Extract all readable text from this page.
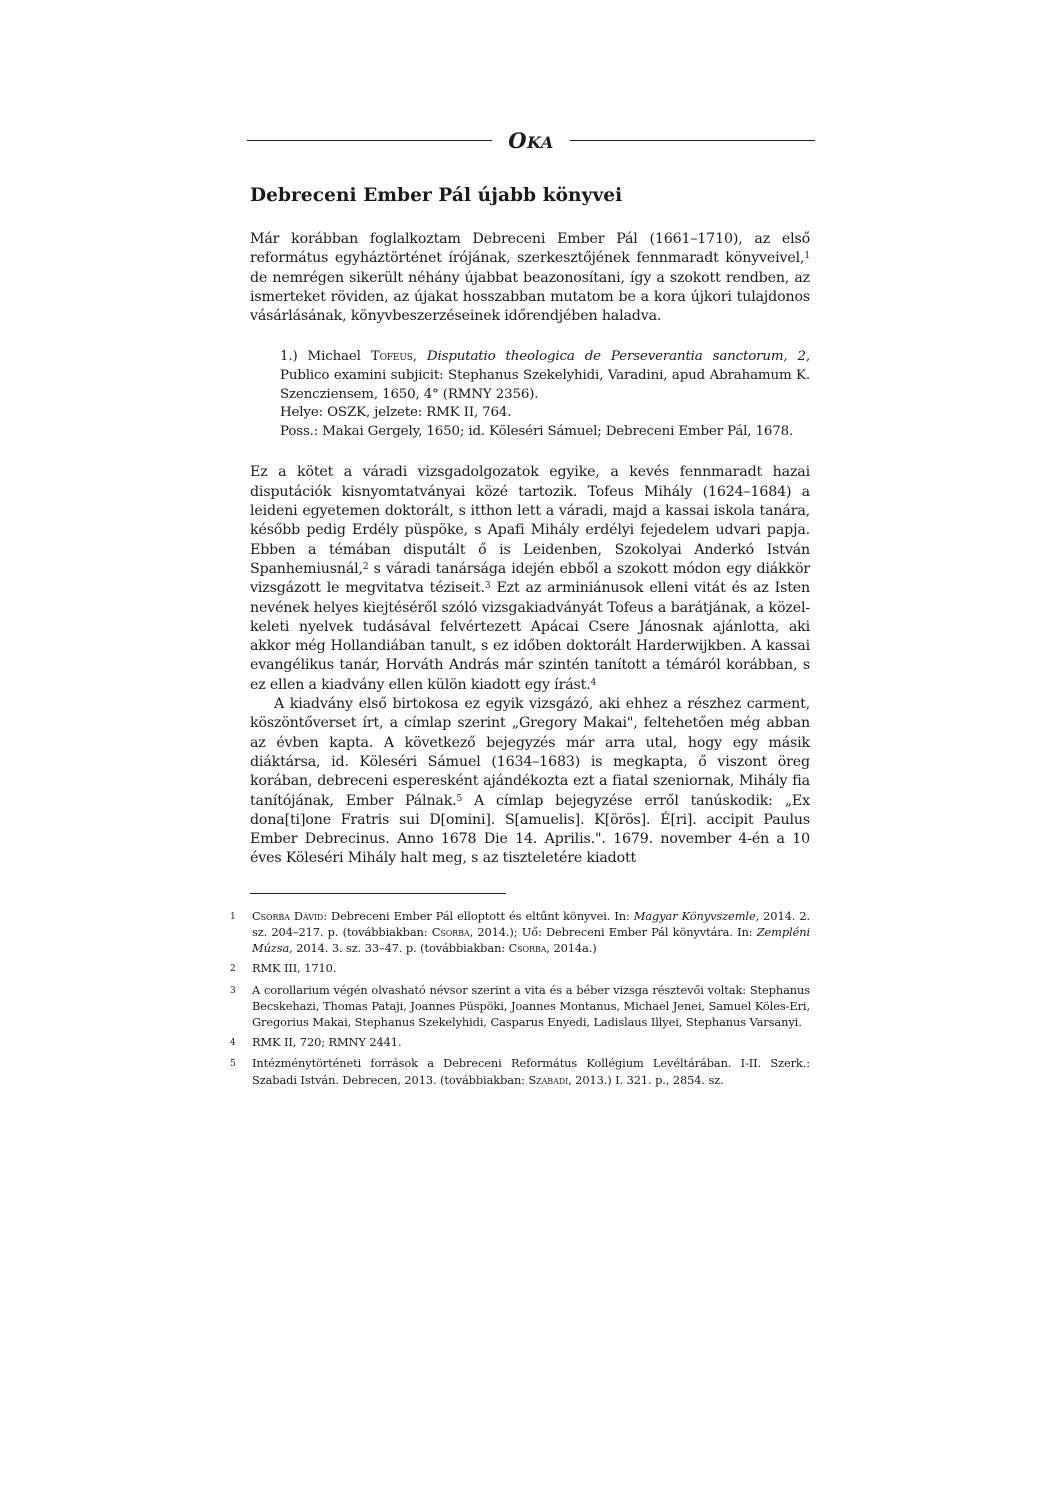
OKA
Debreceni Ember Pál újabb könyvei

Már korábban foglalkoztam Debreceni Ember Pál (1661–1710), az első református egyháztörténet írójának, szerkesztőjének fennmaradt könyveivel,$^1$ de nemrégen sikerült néhány újabbat beazonosítani, így a szokott rendben, az ismerteket röviden, az újakat hosszabban mutatom be a kora újkori tulajdonos vásárlásának, könyvbeszerzéseinek időrendjében haladva.

1.) Michael Tofeus, Disputatio theologica de Perseverantia sanctorum, 2, Publico examini subjicit: Stephanus Szekelyhidi, Varadini, apud Abrahamum K. Szencziensem, 1650, 4° (RMNY 2356).
Helye: OSZK, jelzete: RMK II, 764.
Poss.: Makai Gergely, 1650; id. Köleséri Sámuel; Debreceni Ember Pál, 1678.

Ez a kötet a váradi vizsgadolgozatok egyike, a kevés fennmaradt hazai disputációk kisnyomtatványai közé tartozik. Tofeus Mihály (1624–1684) a leideni egyetemen doktorált, s itthon lett a váradi, majd a kassai iskola tanára, később pedig Erdély püspöke, s Apafi Mihály erdélyi fejedelem udvari papja. Ebben a témában disputált ő is Leidenben, Szokolyai Anderkó István Spanhemiusnál,$^2$ s váradi tanársága idején ebből a szokott módon egy diákkör vizsgázott le megvitatva téziseit.$^3$ Ezt az arminiánusok elleni vitát és az Isten nevének helyes kiejtéséről szóló vizsgakiadványát Tofeus a barátjának, a közel-keleti nyelvek tudásával felvértezett Apácai Csere Jánosnak ajánlotta, aki akkor még Hollandiában tanult, s ez időben doktorált Harderwijkben. A kassai evangélikus tanár, Horváth András már szintén tanított a témáról korábban, s ez ellen a kiadvány ellen külön kiadott egy írást.$^4$

A kiadvány első birtokosa ez egyik vizsgázó, aki ehhez a részhez carment, köszöntőverset írt, a címlap szerint „Gregory Makai", feltehetően még abban az évben kapta. A következő bejegyzés már arra utal, hogy egy másik diáktársa, id. Köleséri Sámuel (1634–1683) is megkapta, ő viszont öreg korában, debreceni esperesként ajándékozta ezt a fiatal szeniornak, Mihály fia tanítójának, Ember Pálnak.$^5$ A címlap bejegyzése erről tanúskodik: „Ex dona[ti]one Fratris sui D[omini]. S[amuelis]. K[örös]. É[ri]. accipit Paulus Ember Debrecinus. Anno 1678 Die 14. Aprilis.". 1679. november 4-én a 10 éves Köleséri Mihály halt meg, s az tiszteletére kiadott

1	Csorba Dávid: Debreceni Ember Pál elloptott és eltűnt könyvei. In: Magyar Könyvszemle, 2014. 2. sz. 204–217. p. (továbbiakban: Csorba, 2014.); Uő: Debreceni Ember Pál könyvtára. In: Zempléni Múzsa, 2014. 3. sz. 33–47. p. (továbbiakban: Csorba, 2014a.)
2	RMK III, 1710.
3	A corollarium végén olvasható névsor szerint a vita és a béber vizsga résztevői voltak: Stephanus Becskehazi, Thomas Pataji, Joannes Püspöki, Joannes Montanus, Michael Jenei, Samuel Köles-Eri, Gregorius Makai, Stephanus Szekelyhidi, Casparus Enyedi, Ladislaus Illyei, Stephanus Varsanyi.
4	RMK II, 720; RMNY 2441.
5	Intézménytörténeti források a Debreceni Református Kollégium Levéltárában. I-II. Szerk.: Szabadi István. Debrecen, 2013. (továbbiakban: Szabadi, 2013.) I. 321. p., 2854. sz.
